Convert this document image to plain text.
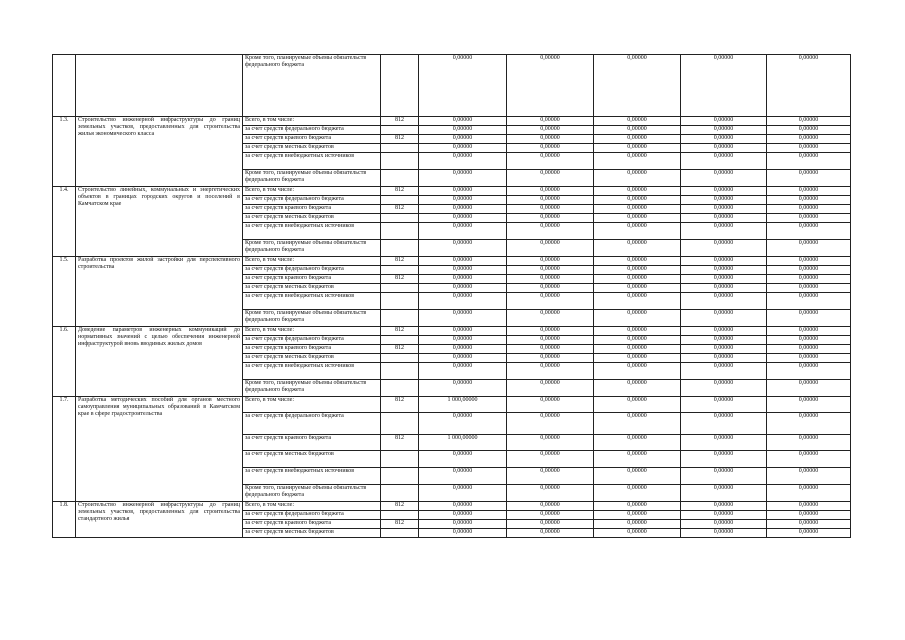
		Кроме того, планируемые объемы обязательств федерального бюджета		0,00000	0,00000	0,00000	0,00000	0,00000
1.3.	Строительство инженерной инфраструктуры до границ земельных участков, предоставленных для строительства жилья экономического класса	Всего, в том числе:	812	0,00000	0,00000	0,00000	0,00000	0,00000
		за счет средств федерального бюджета		0,00000	0,00000	0,00000	0,00000	0,00000
		за счет средств краевого бюджета	812	0,00000	0,00000	0,00000	0,00000	0,00000
		за счет средств местных бюджетов		0,00000	0,00000	0,00000	0,00000	0,00000
		за счет средств внебюджетных источников		0,00000	0,00000	0,00000	0,00000	0,00000
		Кроме того, планируемые объемы обязательств федерального бюджета		0,00000	0,00000	0,00000	0,00000	0,00000
1.4.	Строительство линейных, коммунальных и энергетических объектов в границах городских округов и поселений в Камчатском крае	Всего, в том числе:	812	0,00000	0,00000	0,00000	0,00000	0,00000
		за счет средств федерального бюджета		0,00000	0,00000	0,00000	0,00000	0,00000
		за счет средств краевого бюджета	812	0,00000	0,00000	0,00000	0,00000	0,00000
		за счет средств местных бюджетов		0,00000	0,00000	0,00000	0,00000	0,00000
		за счет средств внебюджетных источников		0,00000	0,00000	0,00000	0,00000	0,00000
		Кроме того, планируемые объемы обязательств федерального бюджета		0,00000	0,00000	0,00000	0,00000	0,00000
1.5.	Разработка проектов жилой застройки для перспективного строительства	Всего, в том числе:	812	0,00000	0,00000	0,00000	0,00000	0,00000
		за счет средств федерального бюджета		0,00000	0,00000	0,00000	0,00000	0,00000
		за счет средств краевого бюджета	812	0,00000	0,00000	0,00000	0,00000	0,00000
		за счет средств местных бюджетов		0,00000	0,00000	0,00000	0,00000	0,00000
		за счет средств внебюджетных источников		0,00000	0,00000	0,00000	0,00000	0,00000
		Кроме того, планируемые объемы обязательств федерального бюджета		0,00000	0,00000	0,00000	0,00000	0,00000
1.6.	Доведение параметров инженерных коммуникаций до нормативных значений с целью обеспечения инженерной инфраструктурой вновь вводимых жилых домов	Всего, в том числе:	812	0,00000	0,00000	0,00000	0,00000	0,00000
		за счет средств федерального бюджета		0,00000	0,00000	0,00000	0,00000	0,00000
		за счет средств краевого бюджета	812	0,00000	0,00000	0,00000	0,00000	0,00000
		за счет средств местных бюджетов		0,00000	0,00000	0,00000	0,00000	0,00000
		за счет средств внебюджетных источников		0,00000	0,00000	0,00000	0,00000	0,00000
		Кроме того, планируемые объемы обязательств федерального бюджета		0,00000	0,00000	0,00000	0,00000	0,00000
1.7.	Разработка методических пособий для органов местного самоуправления муниципальных образований в Камчатском крае в сфере градостроительства	Всего, в том числе:	812	1 000,00000	0,00000	0,00000	0,00000	0,00000
		за счет средств федерального бюджета		0,00000	0,00000	0,00000	0,00000	0,00000
		за счет средств краевого бюджета	812	1 000,00000	0,00000	0,00000	0,00000	0,00000
		за счет средств местных бюджетов		0,00000	0,00000	0,00000	0,00000	0,00000
		за счет средств внебюджетных источников		0,00000	0,00000	0,00000	0,00000	0,00000
		Кроме того, планируемые объемы обязательств федерального бюджета		0,00000	0,00000	0,00000	0,00000	0,00000
1.8.	Строительство инженерной инфраструктуры до границ земельных участков, предоставленных для строительства стандартного жилья	Всего, в том числе:	812	0,00000	0,00000	0,00000	0,00000	0,00000
		за счет средств федерального бюджета		0,00000	0,00000	0,00000	0,00000	0,00000
		за счет средств краевого бюджета	812	0,00000	0,00000	0,00000	0,00000	0,00000
		за счет средств местных бюджетов		0,00000	0,00000	0,00000	0,00000	0,00000
